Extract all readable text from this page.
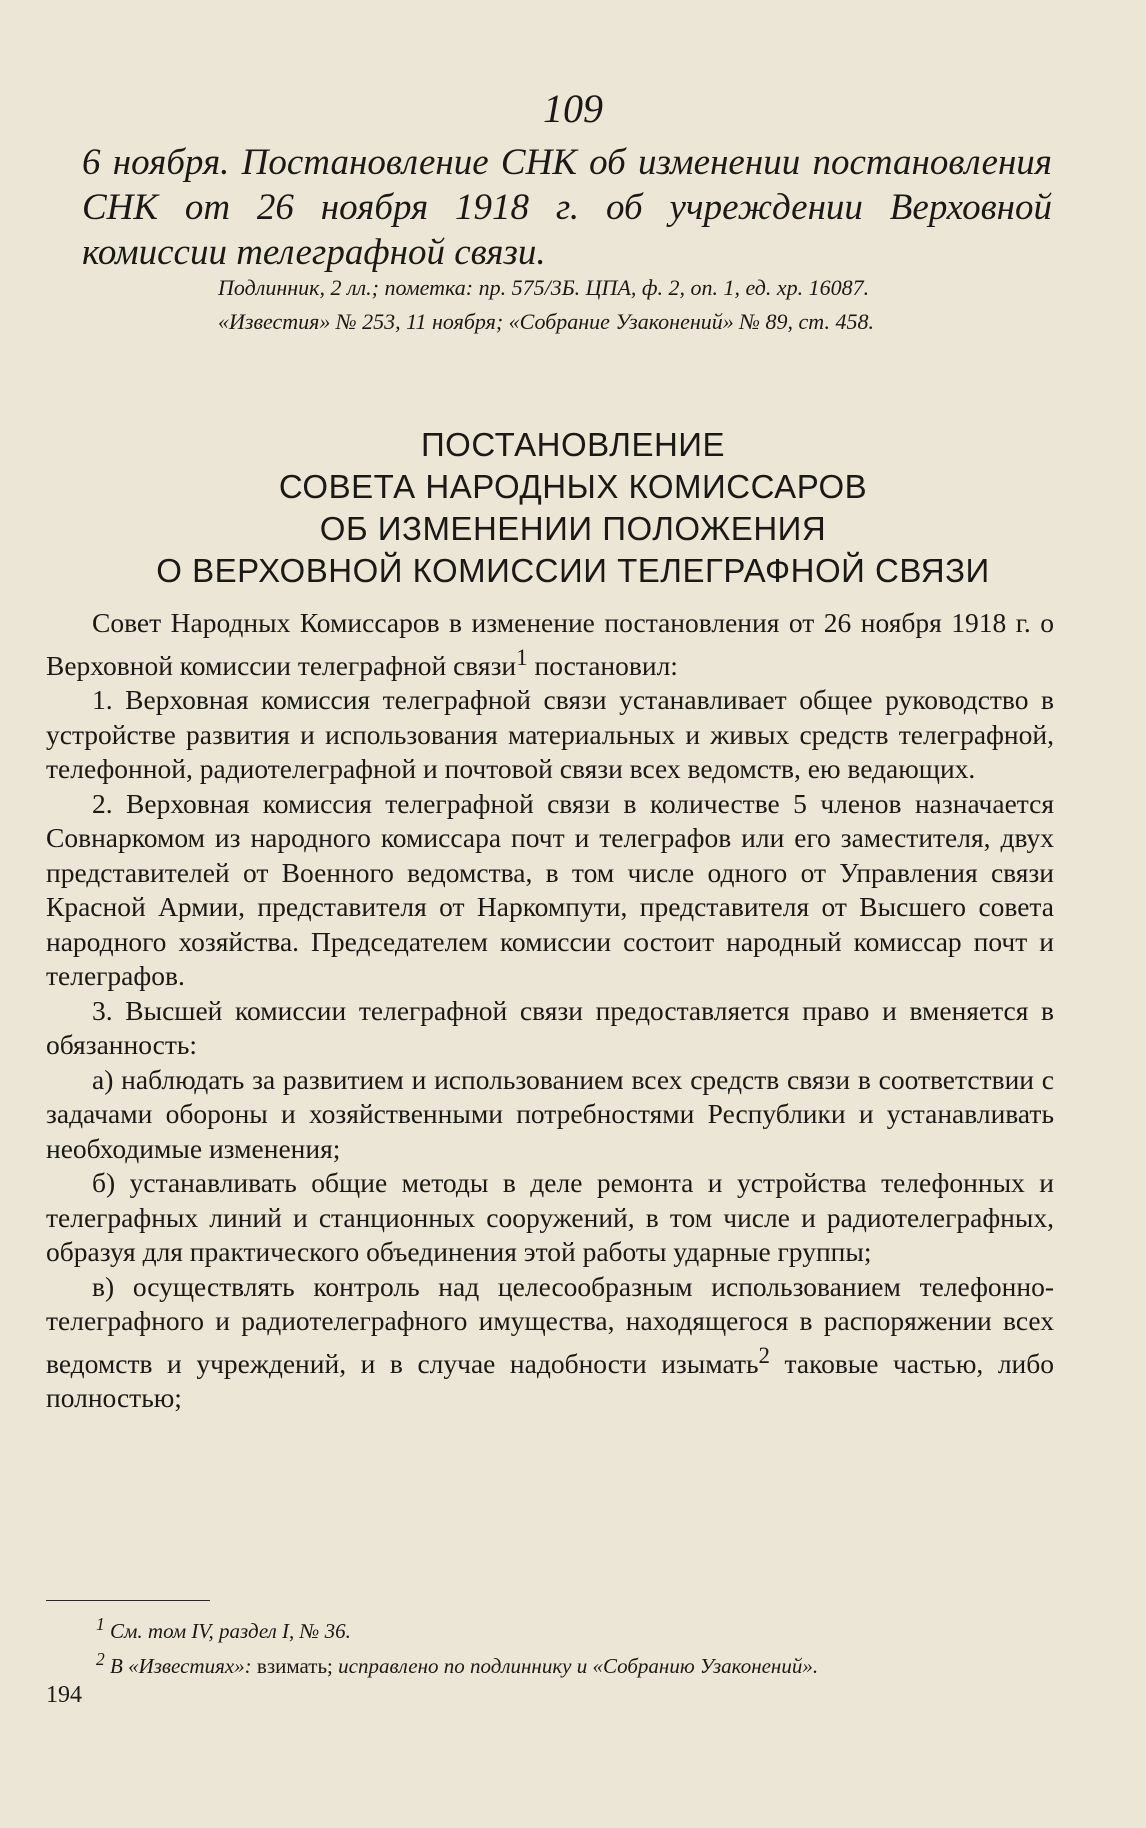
109
6 ноября. Постановление СНК об изменении постановления СНК от 26 ноября 1918 г. об учреждении Верховной комиссии телеграфной связи.

Подлинник, 2 лл.; пометка: пр. 575/3Б. ЦПА, ф. 2, оп. 1, ед. хр. 16087.

«Известия» № 253, 11 ноября; «Собрание Узаконений» № 89, ст. 458.

ПОСТАНОВЛЕНИЕ
СОВЕТА НАРОДНЫХ КОМИССАРОВ
ОБ ИЗМЕНЕНИИ ПОЛОЖЕНИЯ
О ВЕРХОВНОЙ КОМИССИИ ТЕЛЕГРАФНОЙ СВЯЗИ

Совет Народных Комиссаров в изменение постановления от 26 ноября 1918 г. о Верховной комиссии телеграфной связи$^1$ постановил:

1. Верховная комиссия телеграфной связи устанавливает общее руководство в устройстве развития и использования материальных и живых средств телеграфной, телефонной, радиотелеграфной и почтовой связи всех ведомств, ею ведающих.

2. Верховная комиссия телеграфной связи в количестве 5 членов назначается Совнаркомом из народного комиссара почт и телеграфов или его заместителя, двух представителей от Военного ведомства, в том числе одного от Управления связи Красной Армии, представителя от Наркомпути, представителя от Высшего совета народного хозяйства. Председателем комиссии состоит народный комиссар почт и телеграфов.

3. Высшей комиссии телеграфной связи предоставляется право и вменяется в обязанность:

а) наблюдать за развитием и использованием всех средств связи в соответствии с задачами обороны и хозяйственными потребностями Республики и устанавливать необходимые изменения;

б) устанавливать общие методы в деле ремонта и устройства телефонных и телеграфных линий и станционных сооружений, в том числе и радиотелеграфных, образуя для практического объединения этой работы ударные группы;

в) осуществлять контроль над целесообразным использованием телефонно-телеграфного и радиотелеграфного имущества, находящегося в распоряжении всех ведомств и учреждений, и в случае надобности изымать$^2$ таковые частью, либо полностью;

$^1$ См. том IV, раздел I, № 36.

$^2$ В «Известиях»: взимать; исправлено по подлиннику и «Собранию Узаконений».

194
